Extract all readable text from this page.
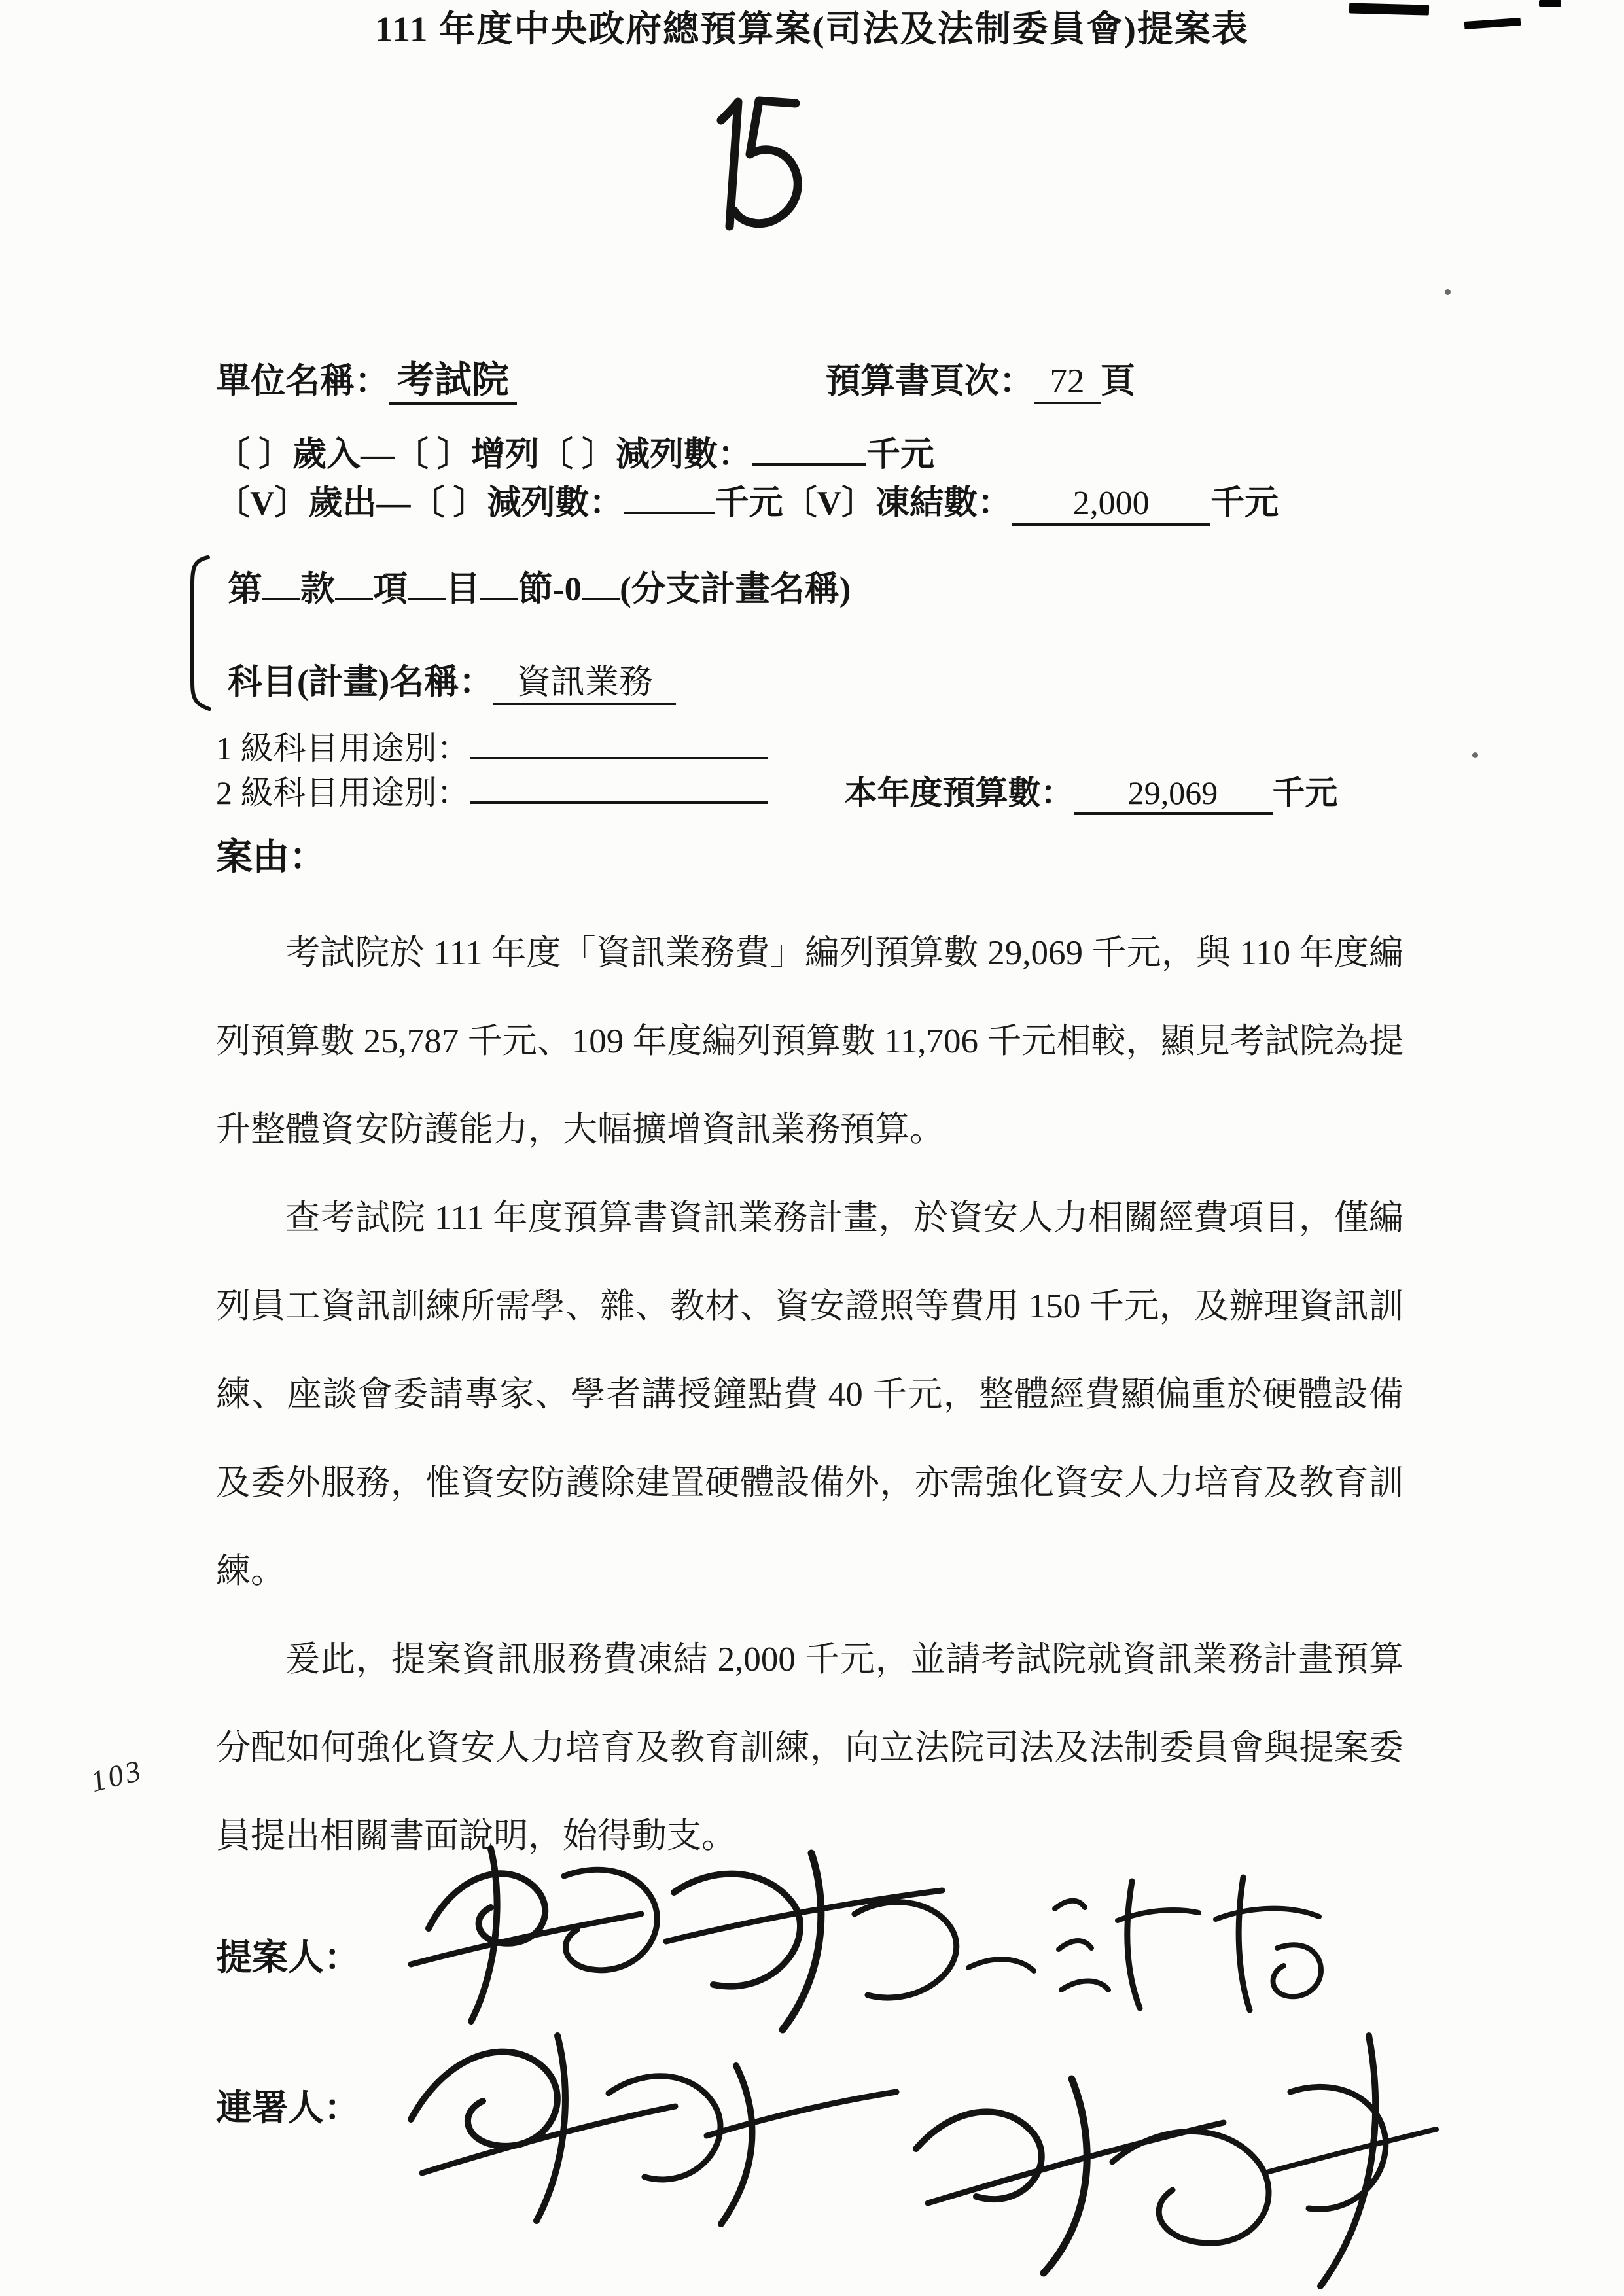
111 年度中央政府總預算案(司法及法制委員會)提案表
單位名稱： 考試院	預算書頁次： 72 頁
〔 〕歲入—〔 〕增列〔 〕減列數：	千元
〔V〕歲出—〔 〕減列數：	千元〔V〕凍結數： 2,000 千元
第 款 項 目 節-0 (分支計畫名稱)
科目(計畫)名稱： 資訊業務
1 級科目用途別：
2 級科目用途別：	本年度預算數： 29,069 千元
案由：

考試院於 111 年度「資訊業務費」編列預算數 29,069 千元，與 110 年度編列預算數 25,787 千元、109 年度編列預算數 11,706 千元相較，顯見考試院為提升整體資安防護能力，大幅擴增資訊業務預算。

查考試院 111 年度預算書資訊業務計畫，於資安人力相關經費項目，僅編列員工資訊訓練所需學、雜、教材、資安證照等費用 150 千元，及辦理資訊訓練、座談會委請專家、學者講授鐘點費 40 千元，整體經費顯偏重於硬體設備及委外服務，惟資安防護除建置硬體設備外，亦需強化資安人力培育及教育訓練。

爰此，提案資訊服務費凍結 2,000 千元，並請考試院就資訊業務計畫預算分配如何強化資安人力培育及教育訓練，向立法院司法及法制委員會與提案委員提出相關書面說明，始得動支。

103
提案人：
連署人：
